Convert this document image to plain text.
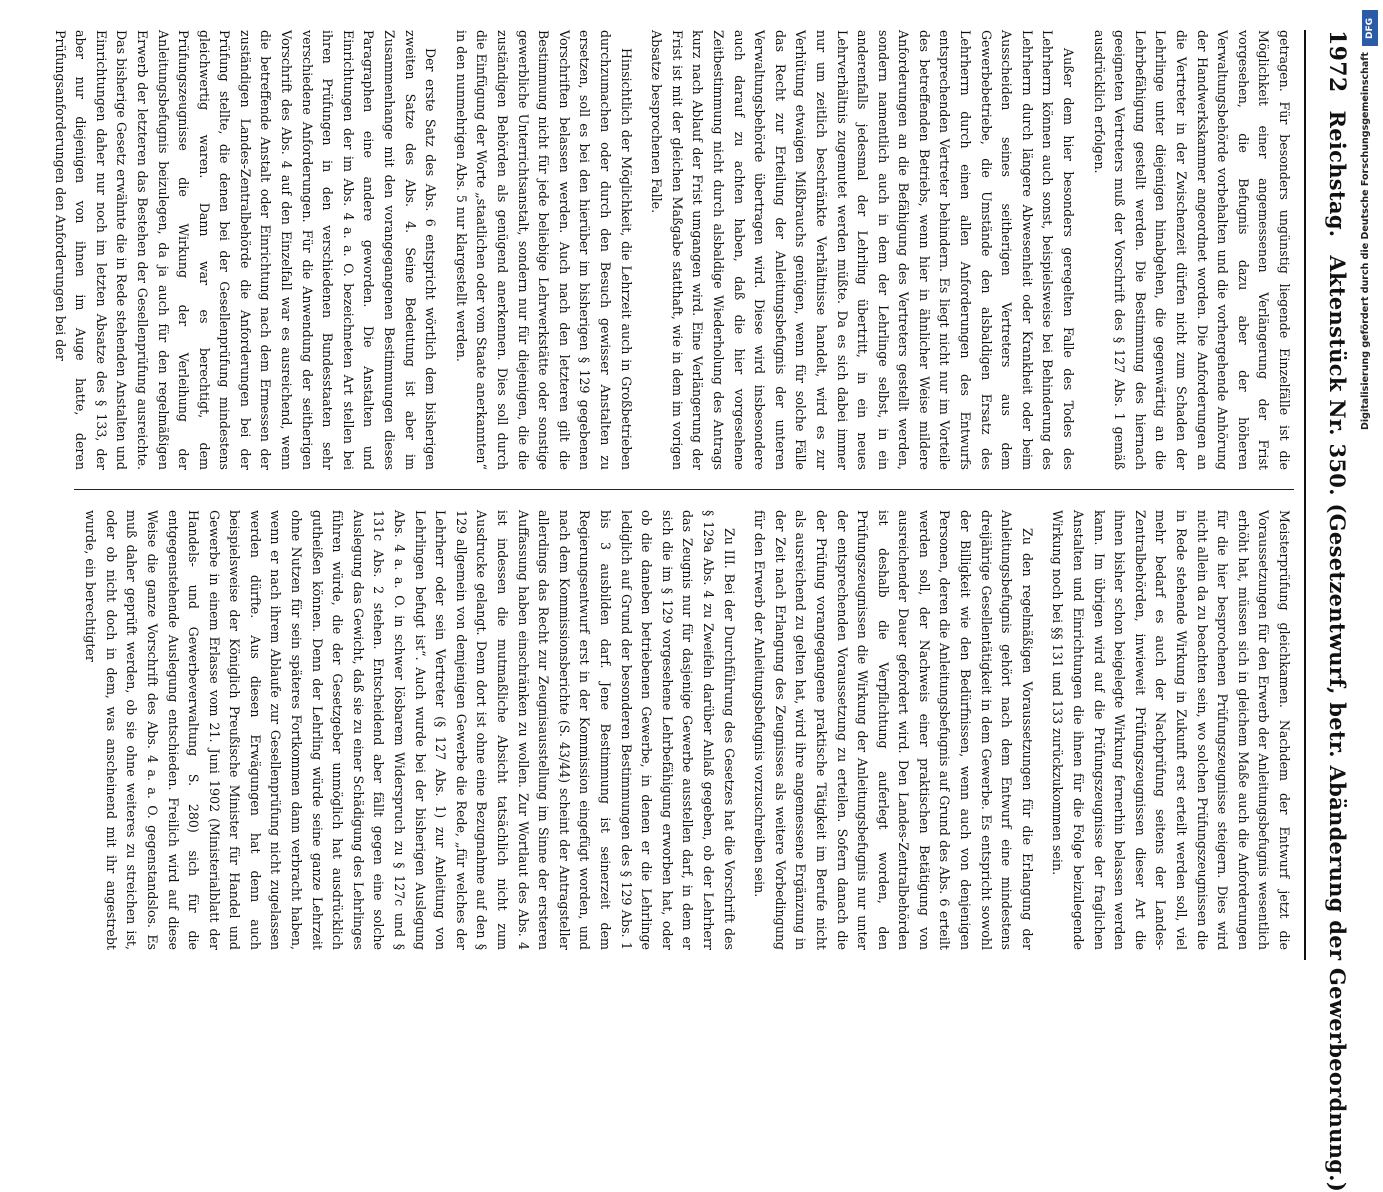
1972
Reichstag.
Aktenstück Nr. 350. (Gesetzentwurf, betr. Abänderung der Gewerbeordnung.)

getragen. Für besonders ungünstig liegende Einzelfälle ist die Möglichkeit einer angemessenen Verlängerung der Frist vorgesehen, die Befugnis dazu aber der höheren Verwaltungsbehörde vorbehalten und die vorhergehende Anhörung der Handwerkskammer angeordnet worden. Die Anforderungen an die Vertreter in der Zwischenzeit dürfen nicht zum Schaden der Lehrlinge unter diejenigen hinabgehen, die gegenwärtig an die Lehrbefähigung gestellt werden. Die Bestimmung des hiernach geeigneten Vertreters muß der Vorschrift des § 127 Abs. 1 gemäß ausdrücklich erfolgen.

Außer dem hier besonders geregelten Falle des Todes des Lehrherrn können auch sonst, beispielsweise bei Behinderung des Lehrherrn durch längere Abwesenheit oder Krankheit oder beim Ausscheiden seines seitherigen Vertreters aus dem Gewerbebetriebe, die Umstände den alsbaldigen Ersatz des Lehrherrn durch einen allen Anforderungen des Entwurfs entsprechenden Vertreter behindern. Es liegt nicht nur im Vorteile des betreffenden Betriebs, wenn hier in ähnlicher Weise mildere Anforderungen an die Befähigung des Vertreters gestellt werden, sondern namentlich auch in dem der Lehrlinge selbst, in ein anderenfalls jedesmal der Lehrling übertritt, in ein neues Lehrverhältnis zugemutet werden müßte. Da es sich dabei immer nur um zeitlich beschränkte Verhältnisse handelt, wird es zur Verhütung etwaigen Mißbrauchs genügen, wenn für solche Fälle das Recht zur Erteilung der Anleitungsbefugnis der unteren Verwaltungsbehörde übertragen wird. Diese wird insbesondere auch darauf zu achten haben, daß die hier vorgesehene Zeitbestimmung nicht durch alsbaldige Wiederholung des Antrags kurz nach Ablauf der Frist umgangen wird. Eine Verlängerung der Frist ist mit der gleichen Maßgabe statthaft, wie in dem im vorigen Absatze besprochenen Falle.

Hinsichtlich der Möglichkeit, die Lehrzeit auch in Großbetrieben durchzumachen oder durch den Besuch gewisser Anstalten zu ersetzen, soll es bei den hierüber im bisherigen § 129 gegebenen Vorschriften belassen werden. Auch nach den letzteren gilt die Bestimmung nicht für jede beliebige Lehrwerkstätte oder sonstige gewerbliche Unterrichtsanstalt, sondern nur für diejenigen, die die zuständigen Behörden als genügend anerkennen. Dies soll durch die Einfügung der Worte „staatlichen oder vom Staate anerkannten“ in den nunmehrigen Abs. 5 nur klargestellt werden.

Der erste Satz des Abs. 6 entspricht wörtlich dem bisherigen zweiten Satze des Abs. 4. Seine Bedeutung ist aber im Zusammenhange mit den vorangegangenen Bestimmungen dieses Paragraphen eine andere geworden. Die Anstalten und Einrichtungen der im Abs. 4 a. a. O. bezeichneten Art stellen bei ihren Prüfungen in den verschiedenen Bundesstaaten sehr verschiedene Anforderungen. Für die Anwendung der seitherigen Vorschrift des Abs. 4 auf den Einzelfall war es ausreichend, wenn die betreffende Anstalt oder Einrichtung nach dem Ermessen der zuständigen Landes-Zentralbehörde die Anforderungen bei der Prüfung stellte, die denen bei der Gesellenprüfung mindestens gleichwertig waren. Dann war es berechtigt, dem Prüfungszeugnisse die Wirkung der Verleihung der Anleitungsbefugnis beizulegen, da ja auch für den regelmäßigen Erwerb der letzteren das Bestehen der Gesellenprüfung ausreichte. Das bisherige Gesetz erwähnte die in Rede stehenden Anstalten und Einrichtungen daher nur noch im letzten Absatze des § 133, der aber nur diejenigen von ihnen im Auge hatte, deren Prüfungsanforderungen den Anforderungen bei der

Meisterprüfung gleichkamen. Nachdem der Entwurf jetzt die Voraussetzungen für den Erwerb der Anleitungsbefugnis wesentlich erhöht hat, müssen sich in gleichem Maße auch die Anforderungen für die hier besprochenen Prüfungszeugnisse steigern. Dies wird nicht allein da zu beachten sein, wo solchen Prüfungszeugnissen die in Rede stehende Wirkung in Zukunft erst erteilt werden soll, viel mehr bedarf es auch der Nachprüfung seitens der Landes-Zentralbehörden, inwieweit Prüfungszeugnissen dieser Art die ihnen bisher schon beigelegte Wirkung fernerhin belassen werden kann. Im übrigen wird auf die Prüfungszeugnisse der fraglichen Anstalten und Einrichtungen die ihnen für die Folge beizulegende Wirkung noch bei §§ 131 und 133 zurückzukommen sein.

Zu den regelmäßigen Voraussetzungen für die Erlangung der Anleitungsbefugnis gehört nach dem Entwurf eine mindestens dreijährige Gesellentätigkeit in dem Gewerbe. Es entspricht sowohl der Billigkeit wie den Bedürfnissen, wenn auch von denjenigen Personen, deren die Anleitungsbefugnis auf Grund des Abs. 6 erteilt werden soll, der Nachweis einer praktischen Betätigung von ausreichender Dauer gefordert wird. Den Landes-Zentralbehörden ist deshalb die Verpflichtung auferlegt worden, den Prüfungszeugnissen die Wirkung der Anleitungsbefugnis nur unter der entsprechenden Voraussetzung zu erteilen. Sofern danach die der Prüfung vorangegangene praktische Tätigkeit im Berufe nicht als ausreichend zu gelten hat, wird ihre angemessene Ergänzung in der Zeit nach Erlangung des Zeugnisses als weitere Vorbedingung für den Erwerb der Anleitungsbefugnis vorzuschreiben sein.

Zu III. Bei der Durchführung des Gesetzes hat die Vorschrift des § 129a Abs. 4 zu Zweifeln darüber Anlaß gegeben, ob der Lehrherr das Zeugnis nur für dasjenige Gewerbe ausstellen darf, in dem er sich die im § 129 vorgesehene Lehrbefähigung erworben hat, oder ob die daneben betriebenen Gewerbe, in denen er die Lehrlinge lediglich auf Grund der besonderen Bestimmungen des § 129 Abs. 1 bis 3 ausbilden darf. Jene Bestimmung ist seinerzeit dem Regierungsentwurf erst in der Kommission eingefügt worden, und nach dem Kommissionsberichte (S. 43/44) scheint der Antragsteller allerdings das Recht zur Zeugnisausstellung im Sinne der ersteren Auffassung haben einschränken zu wollen. Zur Wortlaut des Abs. 4 ist indessen die mutmaßliche Absicht tatsächlich nicht zum Ausdrucke gelangt. Denn dort ist ohne eine Bezugnahme auf den § 129 allgemein von demjenigen Gewerbe die Rede, „für welches der Lehrherr oder sein Vertreter (§ 127 Abs. 1) zur Anleitung von Lehrlingen befugt ist“. Auch wurde bei der bisherigen Auslegung Abs. 4 a. a. O. in schwer lösbarem Widerspruch zu § 127c und § 131c Abs. 2 stehen. Entscheidend aber fällt gegen eine solche Auslegung das Gewicht, daß sie zu einer Schädigung des Lehrlinges führen würde, die der Gesetzgeber unmöglich hat ausdrücklich gutheißen können. Denn der Lehrling würde seine ganze Lehrzeit ohne Nutzen für sein späteres Fortkommen dann verbracht haben, wenn er nach ihrem Ablaufe zur Gesellenprüfung nicht zugelassen werden dürfte. Aus diesen Erwägungen hat denn auch beispielsweise der Königlich Preußische Minister für Handel und Gewerbe in einem Erlasse vom 21. Juni 1902 (Ministerialblatt der Handels- und Gewerbeverwaltung S. 280) sich für die entgegenstehende Auslegung entschieden. Freilich wird auf diese Weise die ganze Vorschrift des Abs. 4 a. a. O. gegenstandslos. Es muß daher geprüft werden, ob sie ohne weiteres zu streichen ist, oder ob nicht doch in dem, was anscheinend mit ihr angestrebt wurde, ein berechtigter

DFG
Digitalisierung gefördert durch die Deutsche Forschungsgemeinschaft
